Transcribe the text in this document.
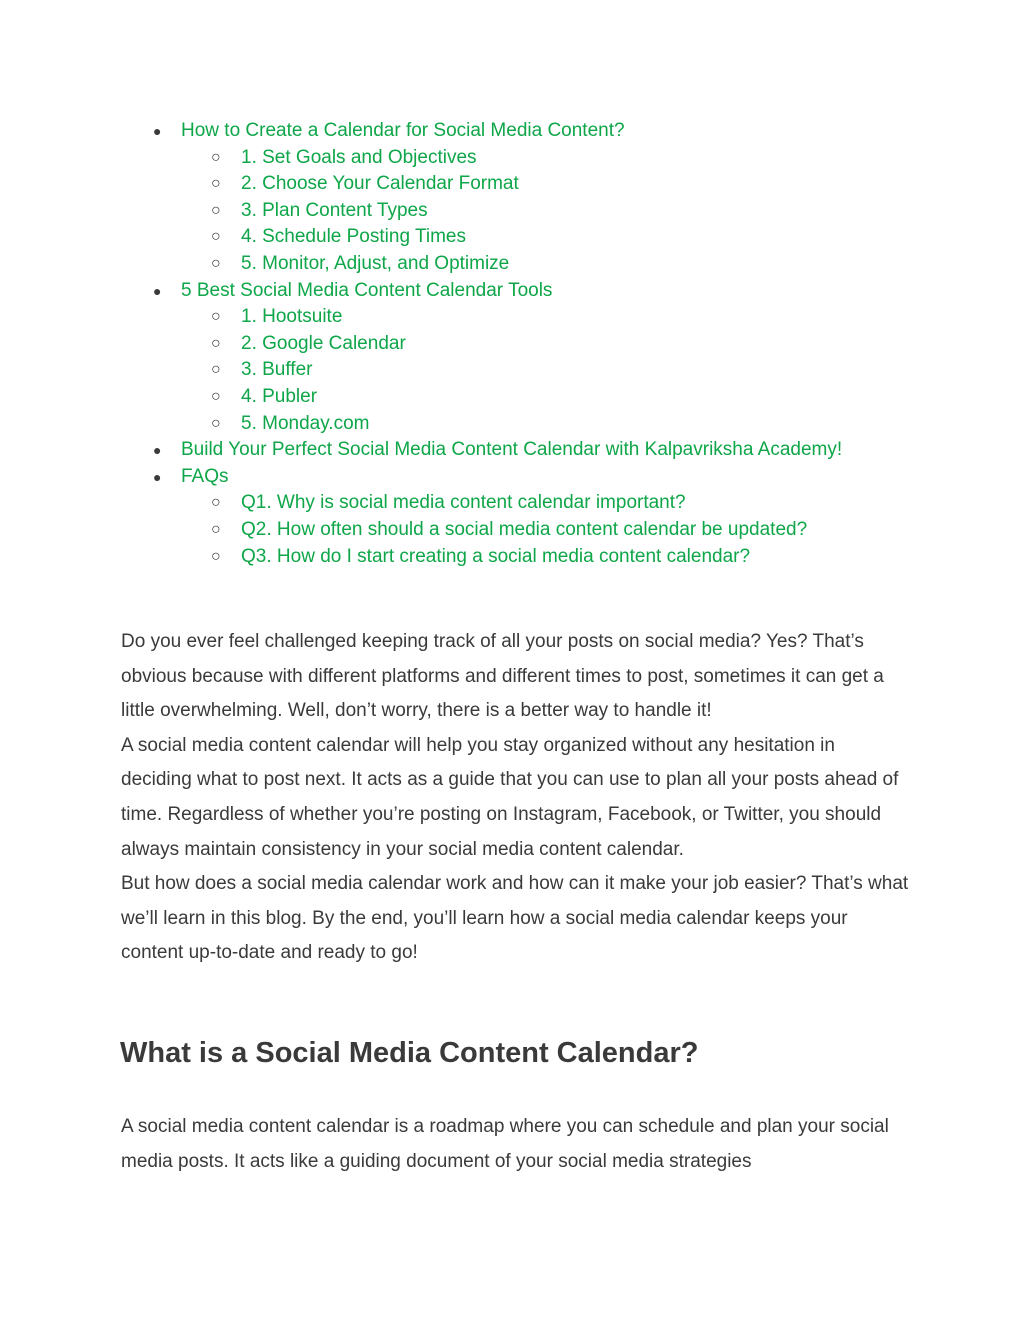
● How to Create a Calendar for Social Media Content?
○ 1. Set Goals and Objectives
○ 2. Choose Your Calendar Format
○ 3. Plan Content Types
○ 4. Schedule Posting Times
○ 5. Monitor, Adjust, and Optimize
● 5 Best Social Media Content Calendar Tools
○ 1. Hootsuite
○ 2. Google Calendar
○ 3. Buffer
○ 4. Publer
○ 5. Monday.com
● Build Your Perfect Social Media Content Calendar with Kalpavriksha Academy!
● FAQs
○ Q1. Why is social media content calendar important?
○ Q2. How often should a social media content calendar be updated?
○ Q3. How do I start creating a social media content calendar?

Do you ever feel challenged keeping track of all your posts on social media? Yes? That’s obvious because with different platforms and different times to post, sometimes it can get a little overwhelming. Well, don’t worry, there is a better way to handle it!

A social media content calendar will help you stay organized without any hesitation in deciding what to post next. It acts as a guide that you can use to plan all your posts ahead of time. Regardless of whether you’re posting on Instagram, Facebook, or Twitter, you should always maintain consistency in your social media content calendar.

But how does a social media calendar work and how can it make your job easier? That’s what we’ll learn in this blog. By the end, you’ll learn how a social media calendar keeps your content up-to-date and ready to go!

What is a Social Media Content Calendar?

A social media content calendar is a roadmap where you can schedule and plan your social media posts. It acts like a guiding document of your social media strategies
